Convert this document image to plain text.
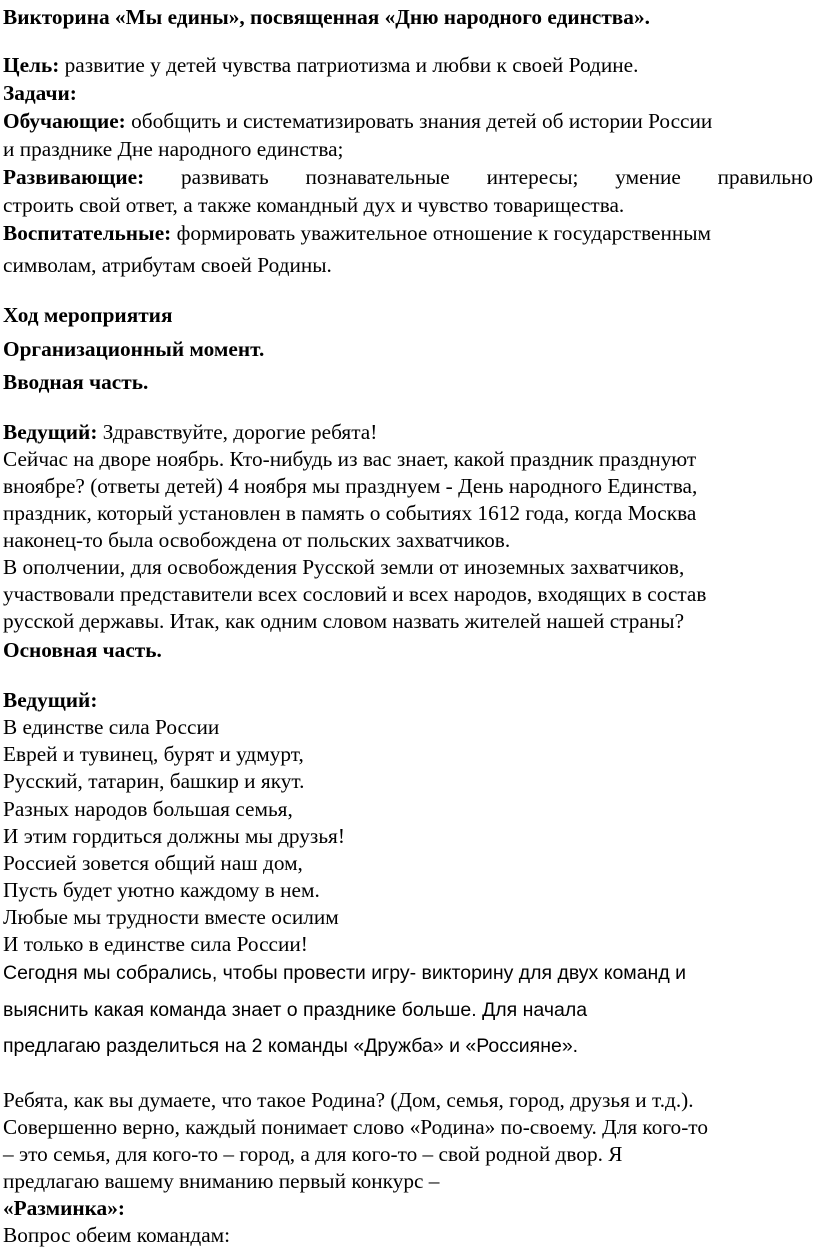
Викторина «Мы едины», посвященная «Дню народного единства».
Цель: развитие у детей чувства патриотизма и любви к своей Родине.
Задачи:
Обучающие: обобщить и систематизировать знания детей об истории России
и празднике Дне народного единства;
Развивающие: развивать познавательные интересы; умение правильно
строить свой ответ, а также командный дух и чувство товарищества.
Воспитательные: формировать уважительное отношение к государственным
символам, атрибутам своей Родины.
Ход мероприятия
Организационный момент.
Вводная часть.
Ведущий: Здравствуйте, дорогие ребята!
Сейчас на дворе ноябрь. Кто-нибудь из вас знает, какой праздник празднуют
вноябре? (ответы детей) 4 ноября мы празднуем - День народного Единства,
праздник, который установлен в память о событиях 1612 года, когда Москва
наконец-то была освобождена от польских захватчиков.
В ополчении, для освобождения Русской земли от иноземных захватчиков,
участвовали представители всех сословий и всех народов, входящих в состав
русской державы. Итак, как одним словом назвать жителей нашей страны?
Основная часть.
Ведущий:
В единстве сила России
Еврей и тувинец, бурят и удмурт,
Русский, татарин, башкир и якут.
Разных народов большая семья,
И этим гордиться должны мы друзья!
Россией зовется общий наш дом,
Пусть будет уютно каждому в нем.
Любые мы трудности вместе осилим
И только в единстве сила России!
Сегодня мы собрались, чтобы провести игру- викторину для двух команд и
выяснить какая команда знает о празднике больше. Для начала
предлагаю разделиться на 2 команды «Дружба» и «Россияне».
Ребята, как вы думаете, что такое Родина? (Дом, семья, город, друзья и т.д.).
Совершенно верно, каждый понимает слово «Родина» по-своему. Для кого-то
– это семья, для кого-то – город, а для кого-то – свой родной двор. Я
предлагаю вашему вниманию первый конкурс –
«Разминка»:
Вопрос обеим командам:
